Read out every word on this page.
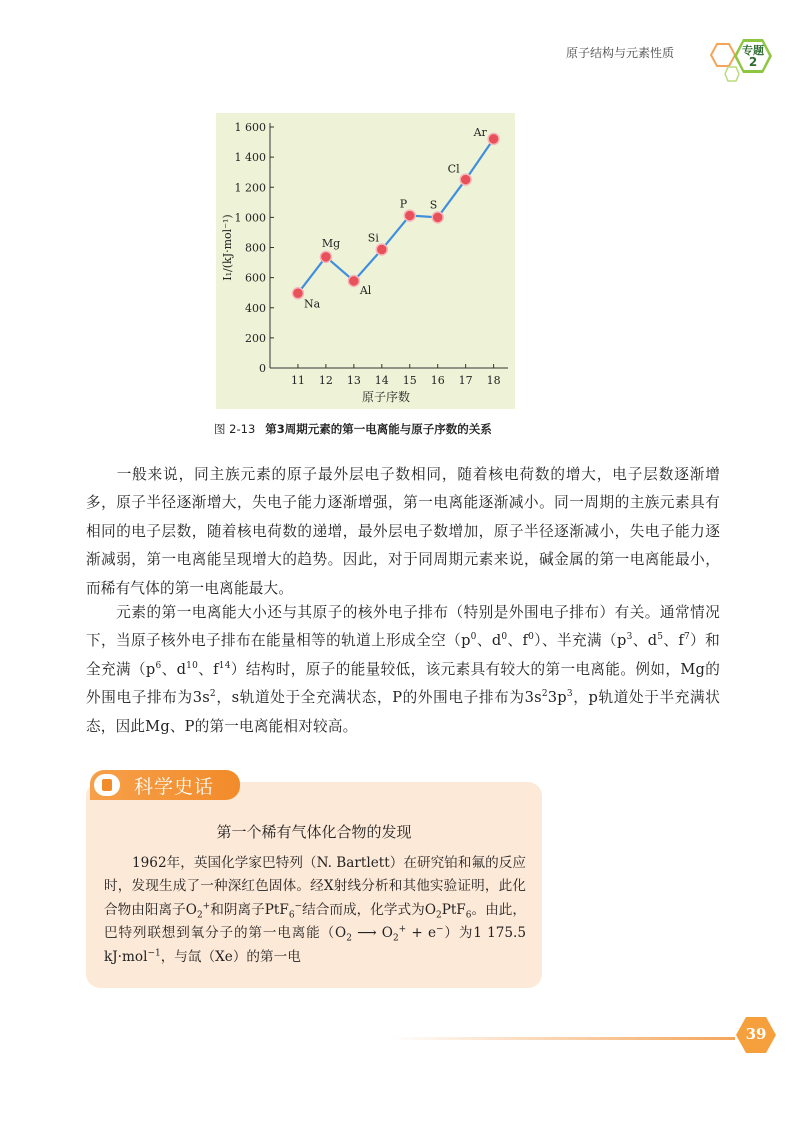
原子结构与元素性质	专题
2
0
200
400
600
800
1 000
1 200
1 400
1 600
11 12 13 14 15 16 17 18
原子序数
I₁/(kJ·mol⁻¹)
Na
Mg
Al
Si
P S
Cl
Ar
图 2-13 第3周期元素的第一电离能与原子序数的关系
一般来说，同主族元素的原子最外层电子数相同，随着核电荷数的增大，电子层数逐渐增多，原子半径逐渐增大，失电子能力逐渐增强，第一电离能逐渐减小。同一周期的主族元素具有相同的电子层数，随着核电荷数的递增，最外层电子数增加，原子半径逐渐减小，失电子能力逐渐减弱，第一电离能呈现增大的趋势。因此，对于同周期元素来说，碱金属的第一电离能最小，而稀有气体的第一电离能最大。
元素的第一电离能大小还与其原子的核外电子排布（特别是外围电子排布）有关。通常情况下，当原子核外电子排布在能量相等的轨道上形成全空（$p^0$、$d^0$、$f^0$）、半充满（$p^3$、$d^5$、$f^7$）和全充满（$p^6$、$d^{10}$、$f^{14}$）结构时，原子的能量较低，该元素具有较大的第一电离能。例如，Mg的外围电子排布为$3s^2$，s轨道处于全充满状态，P的外围电子排布为$3s^23p^3$，p轨道处于半充满状态，因此Mg、P的第一电离能相对较高。
科学史话
第一个稀有气体化合物的发现
1962年，英国化学家巴特列（N. Bartlett）在研究铂和氟的反应时，发现生成了一种深红色固体。经X射线分析和其他实验证明，此化合物由阳离子$O_2^+$和阴离子PtF$_6$−结合而成，化学式为$O_2PtF_6$。由此，巴特列联想到氧分子的第一电离能（$O_2$ ⟶ $O_2^+ + e^-$）为1 175.5 kJ·mol$^{-1}$，与氙（Xe）的第一电
39
